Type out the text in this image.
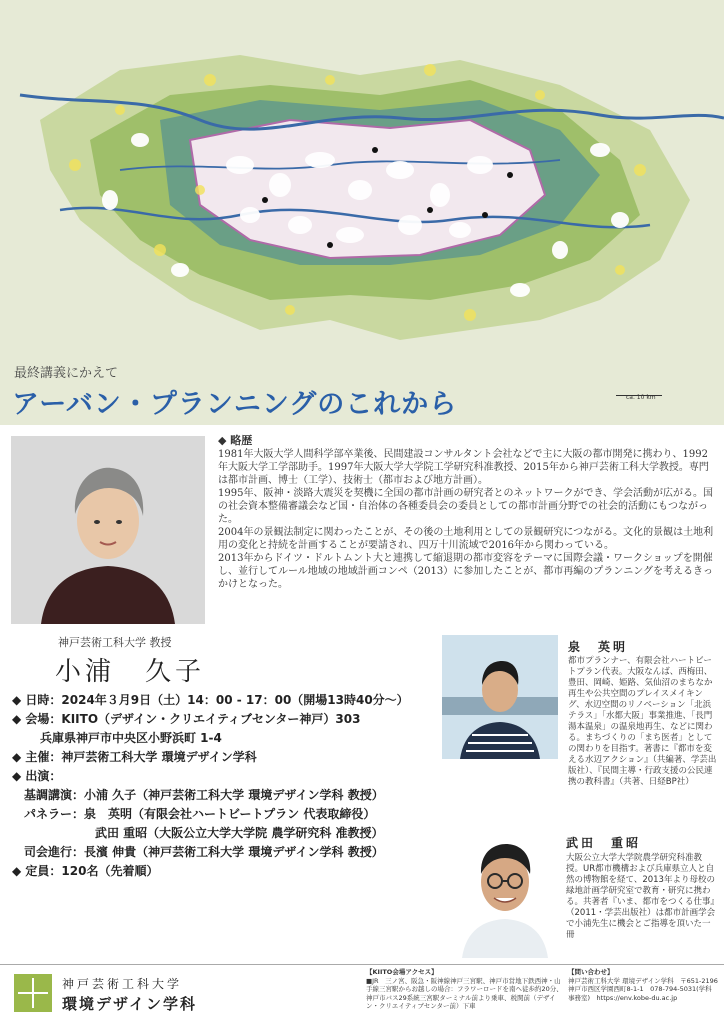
最終講義にかえて
アーバン・プランニングのこれから	ca. 10 km
神戸芸術工科大学 教授
小浦　久子
◆ 略歴

1981年大阪大学人間科学部卒業後、民間建設コンサルタント会社などで主に大阪の都市開発に携わり、1992年大阪大学工学部助手。1997年大阪大学大学院工学研究科准教授、2015年から神戸芸術工科大学教授。専門は都市計画、博士（工学）、技術士（都市および地方計画）。

1995年、阪神・淡路大震災を契機に全国の都市計画の研究者とのネットワークができ、学会活動が広がる。国の社会資本整備審議会など国・自治体の各種委員会の委員としての都市計画分野での社会的活動にもつながった。

2004年の景観法制定に関わったことが、その後の土地利用としての景観研究につながる。文化的景観は土地利用の変化と持続を計画することが要請され、四万十川流域で2016年から関わっている。

2013年からドイツ・ドルトムント大と連携して縮退期の都市変容をテーマに国際会議・ワークショップを開催し、並行してルール地域の地域計画コンペ（2013）に参加したことが、都市再編のプランニングを考えるきっかけとなった。

◆ 日時：2024年３月9日（土）14：00 - 17：00（開場13時40分〜）
◆ 会場：KIITO（デザイン・クリエイティブセンター神戸）303
兵庫県神戸市中央区小野浜町 1-4
◆ 主催：神戸芸術工科大学 環境デザイン学科
◆ 出演：
基調講演：小浦 久子（神戸芸術工科大学 環境デザイン学科 教授）
パネラー：泉　英明（有限会社ハートビートプラン 代表取締役）
武田 重昭（大阪公立大学大学院 農学研究科 准教授）
司会進行：長濱 伸貴（神戸芸術工科大学 環境デザイン学科 教授）
◆ 定員：120名（先着順）
泉　英明
都市プランナー、有限会社ハートビートプラン代表。大阪なんば、西梅田、豊田、岡崎、姫路、気仙沼のまちなか再生や公共空間のプレイスメイキング、水辺空間のリノベーション「北浜テラス」「水都大阪」事業推進、「長門湯本温泉」の温泉地再生、などに関わる。まちづくりの「まち医者」としての関わりを目指す。著書に『都市を変える水辺アクション』（共編著、学芸出版社）、『民間主導・行政支援の公民連携の教科書』（共著、日経BP社）
武田　重昭
大阪公立大学大学院農学研究科准教授。UR都市機構および兵庫県立人と自然の博物館を経て、2013年より母校の緑地計画学研究室で教育・研究に携わる。共著者『いま、都市をつくる仕事』（2011・学芸出版社）は都市計画学会で小浦先生に機会とご指導を頂いた一冊
神戸芸術工科大学
環境デザイン学科
【KIITO会場アクセス】
■JR　三ノ宮、阪急・阪神線神戸三宮駅、神戸市営地下鉄西神・山手線三宮駅からお越しの場合：フラワーロードを南へ徒歩約20分、神戸市バス29系統三宮駅ターミナル前より乗車、税関前（デザイン・クリエイティブセンター前）下車
【問い合わせ】
神戸芸術工科大学 環境デザイン学科　〒651-2196 神戸市西区学園西町8-1-1　078-794-5031(学科事務室)　https://env.kobe-du.ac.jp
